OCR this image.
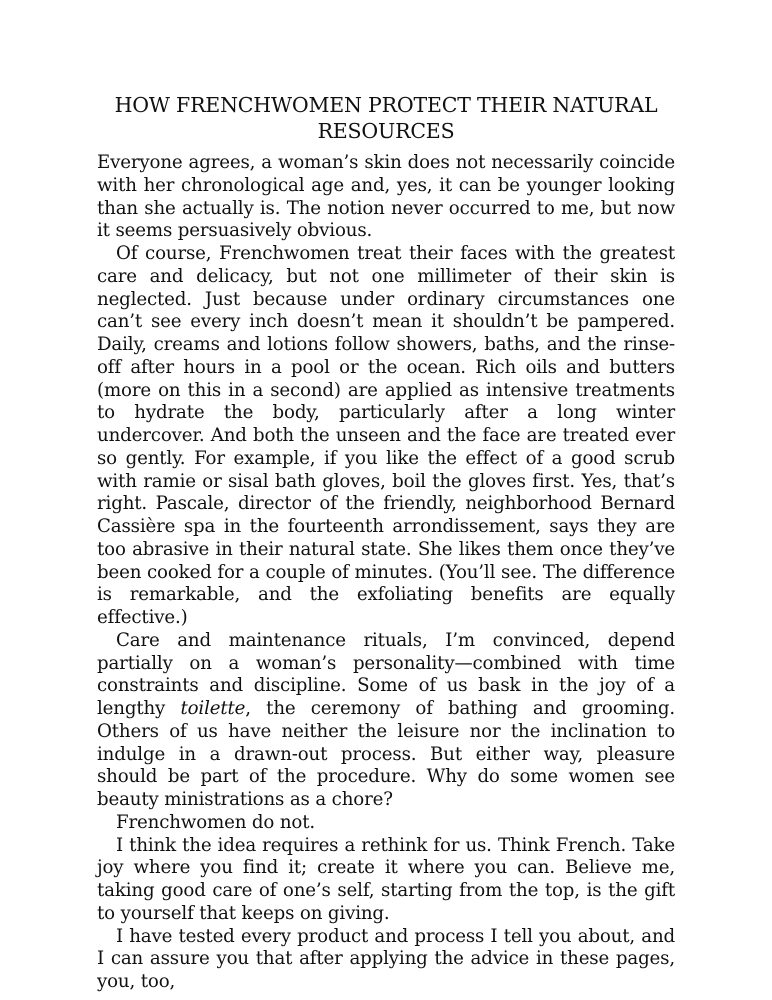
HOW FRENCHWOMEN PROTECT THEIR NATURAL RESOURCES

Everyone agrees, a woman’s skin does not necessarily coincide with her chronological age and, yes, it can be younger looking than she actually is. The notion never occurred to me, but now it seems persuasively obvious.

Of course, Frenchwomen treat their faces with the greatest care and delicacy, but not one millimeter of their skin is neglected. Just because under ordinary circumstances one can’t see every inch doesn’t mean it shouldn’t be pampered. Daily, creams and lotions follow showers, baths, and the rinse-off after hours in a pool or the ocean. Rich oils and butters (more on this in a second) are applied as intensive treatments to hydrate the body, particularly after a long winter undercover. And both the unseen and the face are treated ever so gently. For example, if you like the effect of a good scrub with ramie or sisal bath gloves, boil the gloves first. Yes, that’s right. Pascale, director of the friendly, neighborhood Bernard Cassière spa in the fourteenth arrondissement, says they are too abrasive in their natural state. She likes them once they’ve been cooked for a couple of minutes. (You’ll see. The difference is remarkable, and the exfoliating benefits are equally effective.)

Care and maintenance rituals, I’m convinced, depend partially on a woman’s personality—combined with time constraints and discipline. Some of us bask in the joy of a lengthy toilette, the ceremony of bathing and grooming. Others of us have neither the leisure nor the inclination to indulge in a drawn-out process. But either way, pleasure should be part of the procedure. Why do some women see beauty ministrations as a chore?

Frenchwomen do not.

I think the idea requires a rethink for us. Think French. Take joy where you find it; create it where you can. Believe me, taking good care of one’s self, starting from the top, is the gift to yourself that keeps on giving.

I have tested every product and process I tell you about, and I can assure you that after applying the advice in these pages, you, too,
